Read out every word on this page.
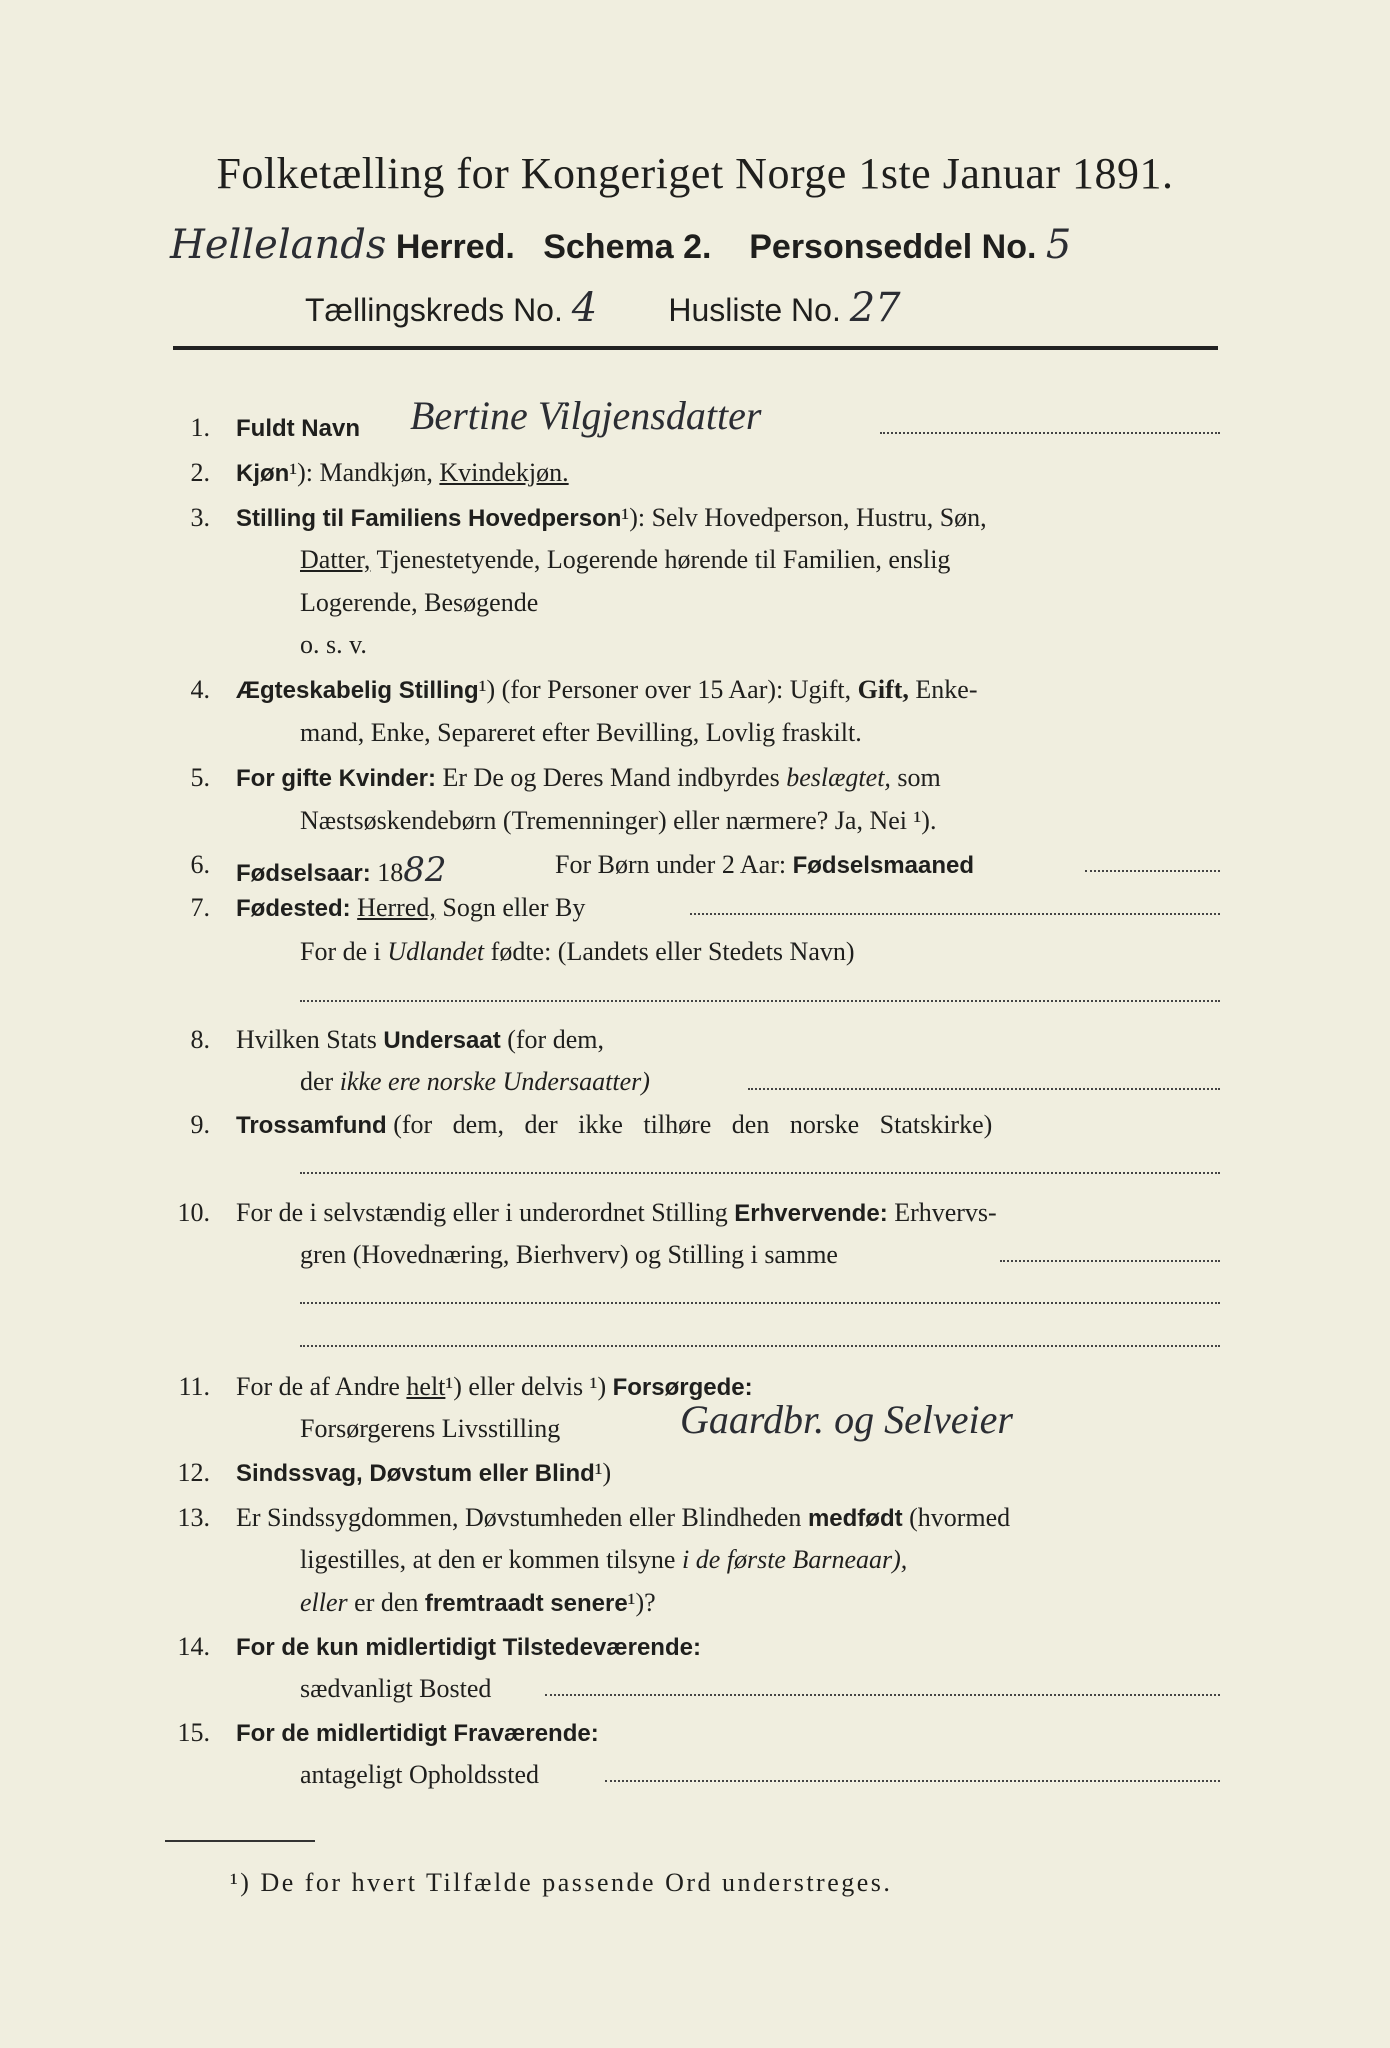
Folketælling for Kongeriget Norge 1ste Januar 1891.
Hellelands Herred. Schema 2. Personseddel No. 5
Tællingskreds No. 4 Husliste No. 27
1. Fuldt Navn Bertine Vilgjensdatter
2. Kjøn¹): Mandkjøn, Kvindekjøn.
3. Stilling til Familiens Hovedperson¹): Selv Hovedperson, Hustru, Søn,
Datter, Tjenestetyende, Logerende hørende til Familien, enslig
Logerende, Besøgende
o. s. v.
4. Ægteskabelig Stilling¹) (for Personer over 15 Aar): Ugift, Gift, Enke-
mand, Enke, Separeret efter Bevilling, Lovlig fraskilt.
5. For gifte Kvinder: Er De og Deres Mand indbyrdes beslægtet, som
Næstsøskendebørn (Tremenninger) eller nærmere? Ja, Nei ¹).
6. Fødselsaar: 1882	For Børn under 2 Aar: Fødselsmaaned
7. Fødested: Herred, Sogn eller By
For de i Udlandet fødte: (Landets eller Stedets Navn)
8. Hvilken Stats Undersaat (for dem,
der ikke ere norske Undersaatter)
9. Trossamfund (for dem, der ikke tilhøre den norske Statskirke)
10. For de i selvstændig eller i underordnet Stilling Erhvervende: Erhvervs-
gren (Hovednæring, Bierhverv) og Stilling i samme
11. For de af Andre helt¹) eller delvis ¹) Forsørgede:
Forsørgerens Livsstilling	Gaardbr. og Selveier
12. Sindssvag, Døvstum eller Blind¹)
13. Er Sindssygdommen, Døvstumheden eller Blindheden medfødt (hvormed
ligestilles, at den er kommen tilsyne i de første Barneaar),
eller er den fremtraadt senere¹)?
14. For de kun midlertidigt Tilstedeværende:
sædvanligt Bosted
15. For de midlertidigt Fraværende:
antageligt Opholdssted
¹) De for hvert Tilfælde passende Ord understreges.
